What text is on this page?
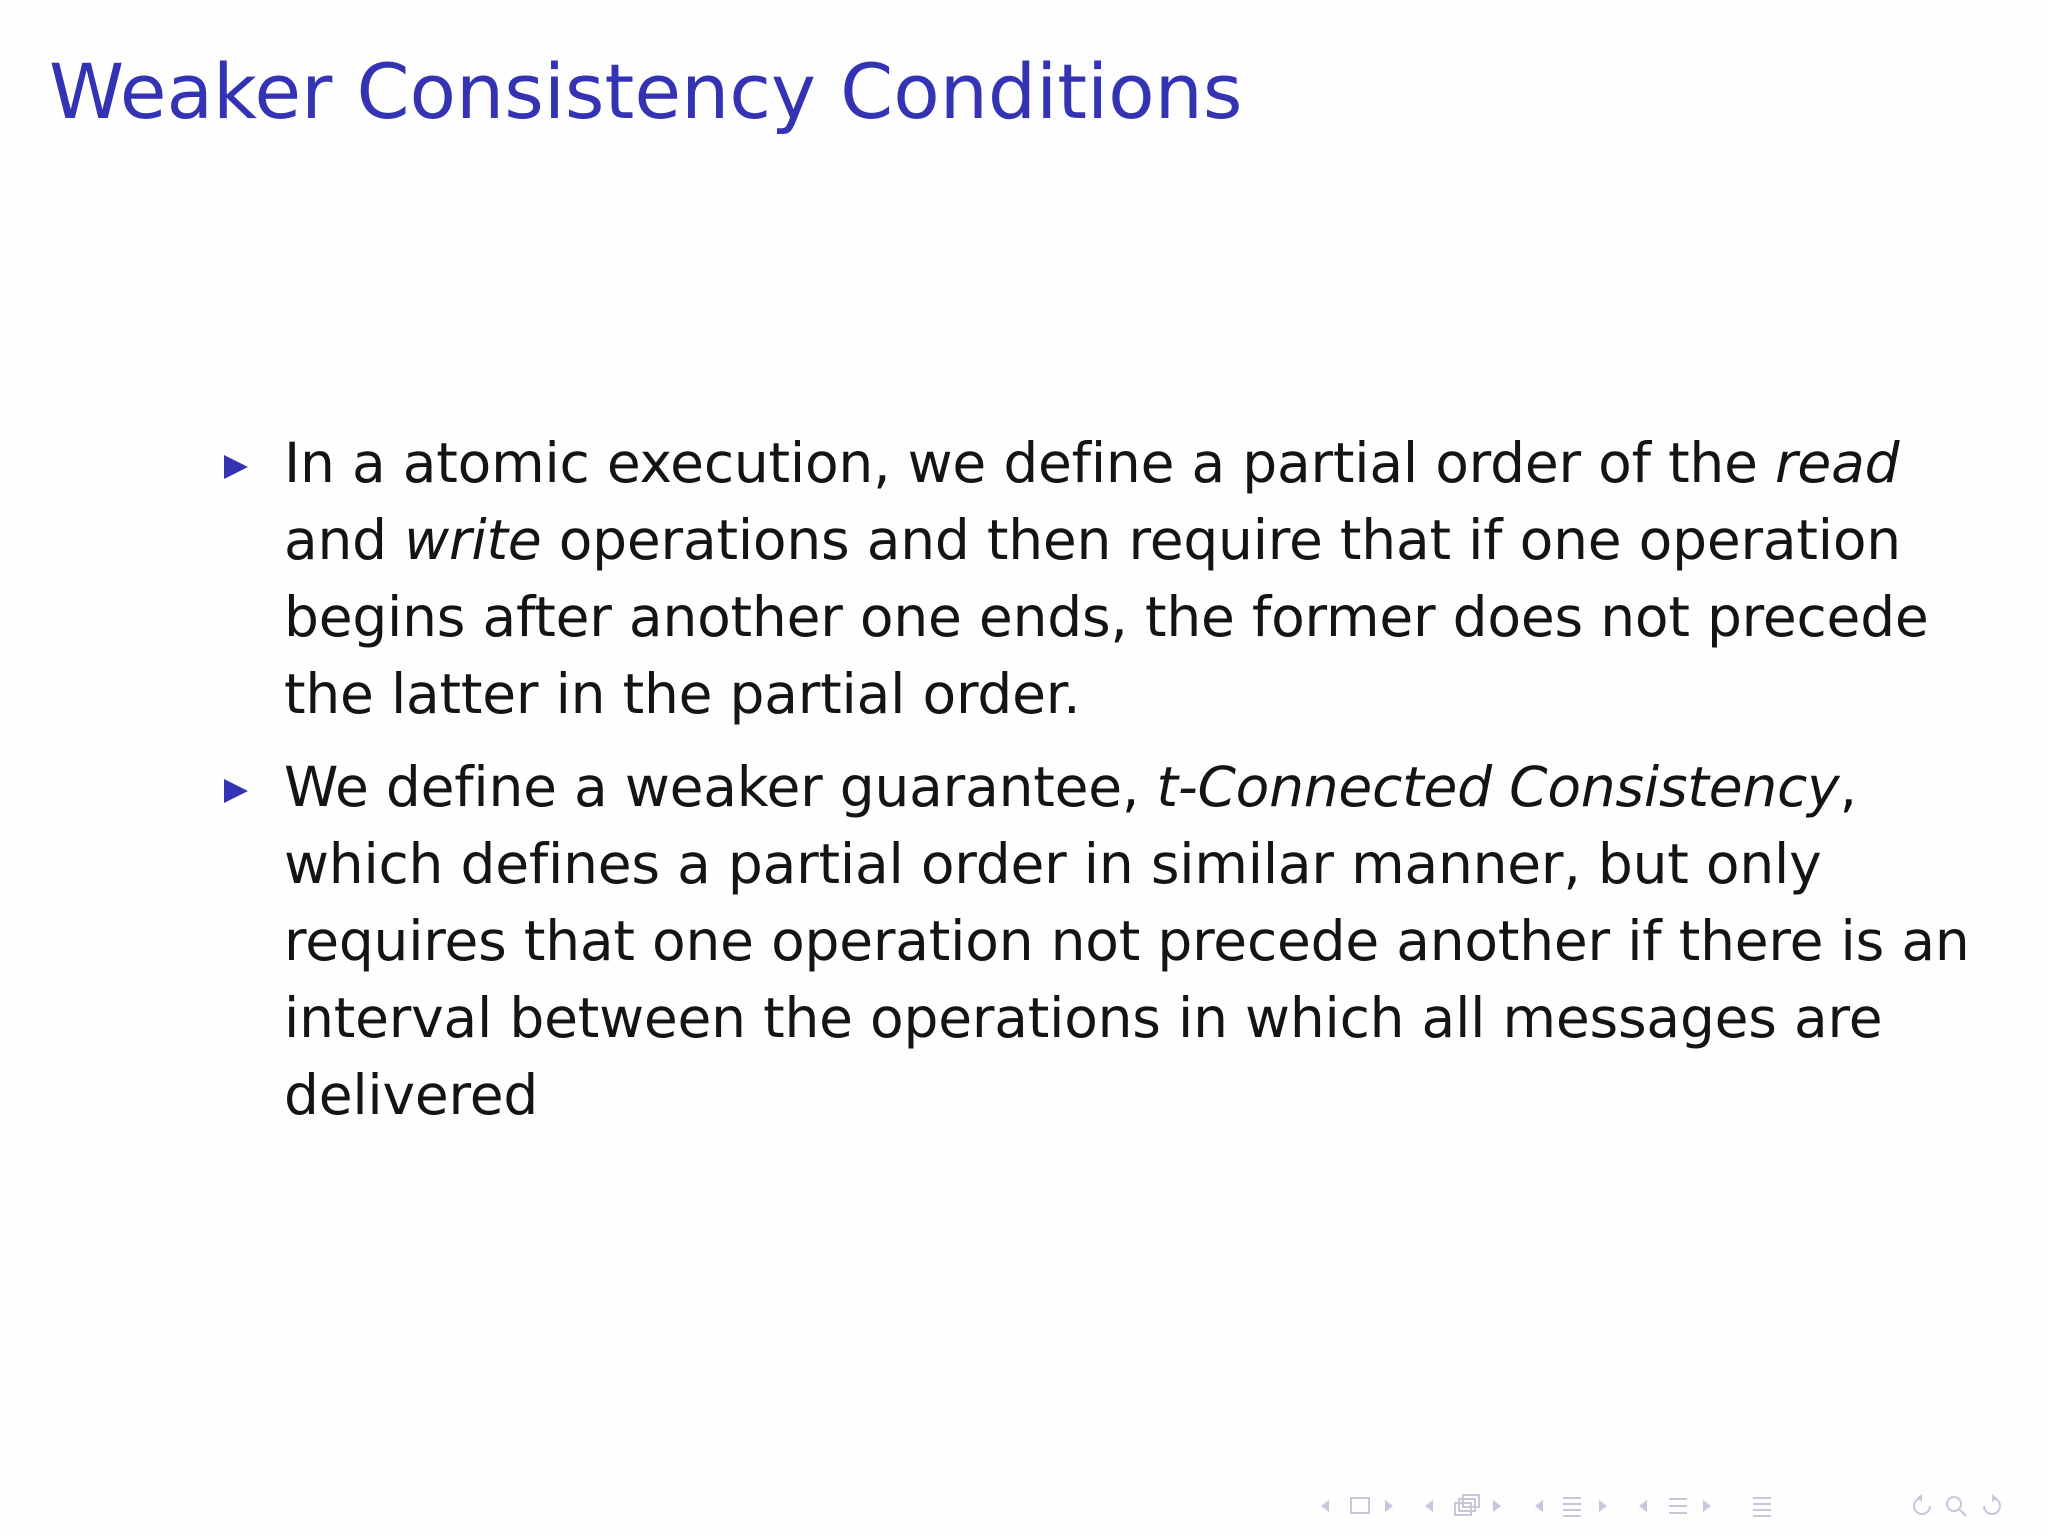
Weaker Consistency Conditions
In a atomic execution, we define a partial order of the read
and write operations and then require that if one operation
begins after another one ends, the former does not precede
the latter in the partial order.
We define a weaker guarantee, t-Connected Consistency,
which defines a partial order in similar manner, but only
requires that one operation not precede another if there is an
interval between the operations in which all messages are
delivered
